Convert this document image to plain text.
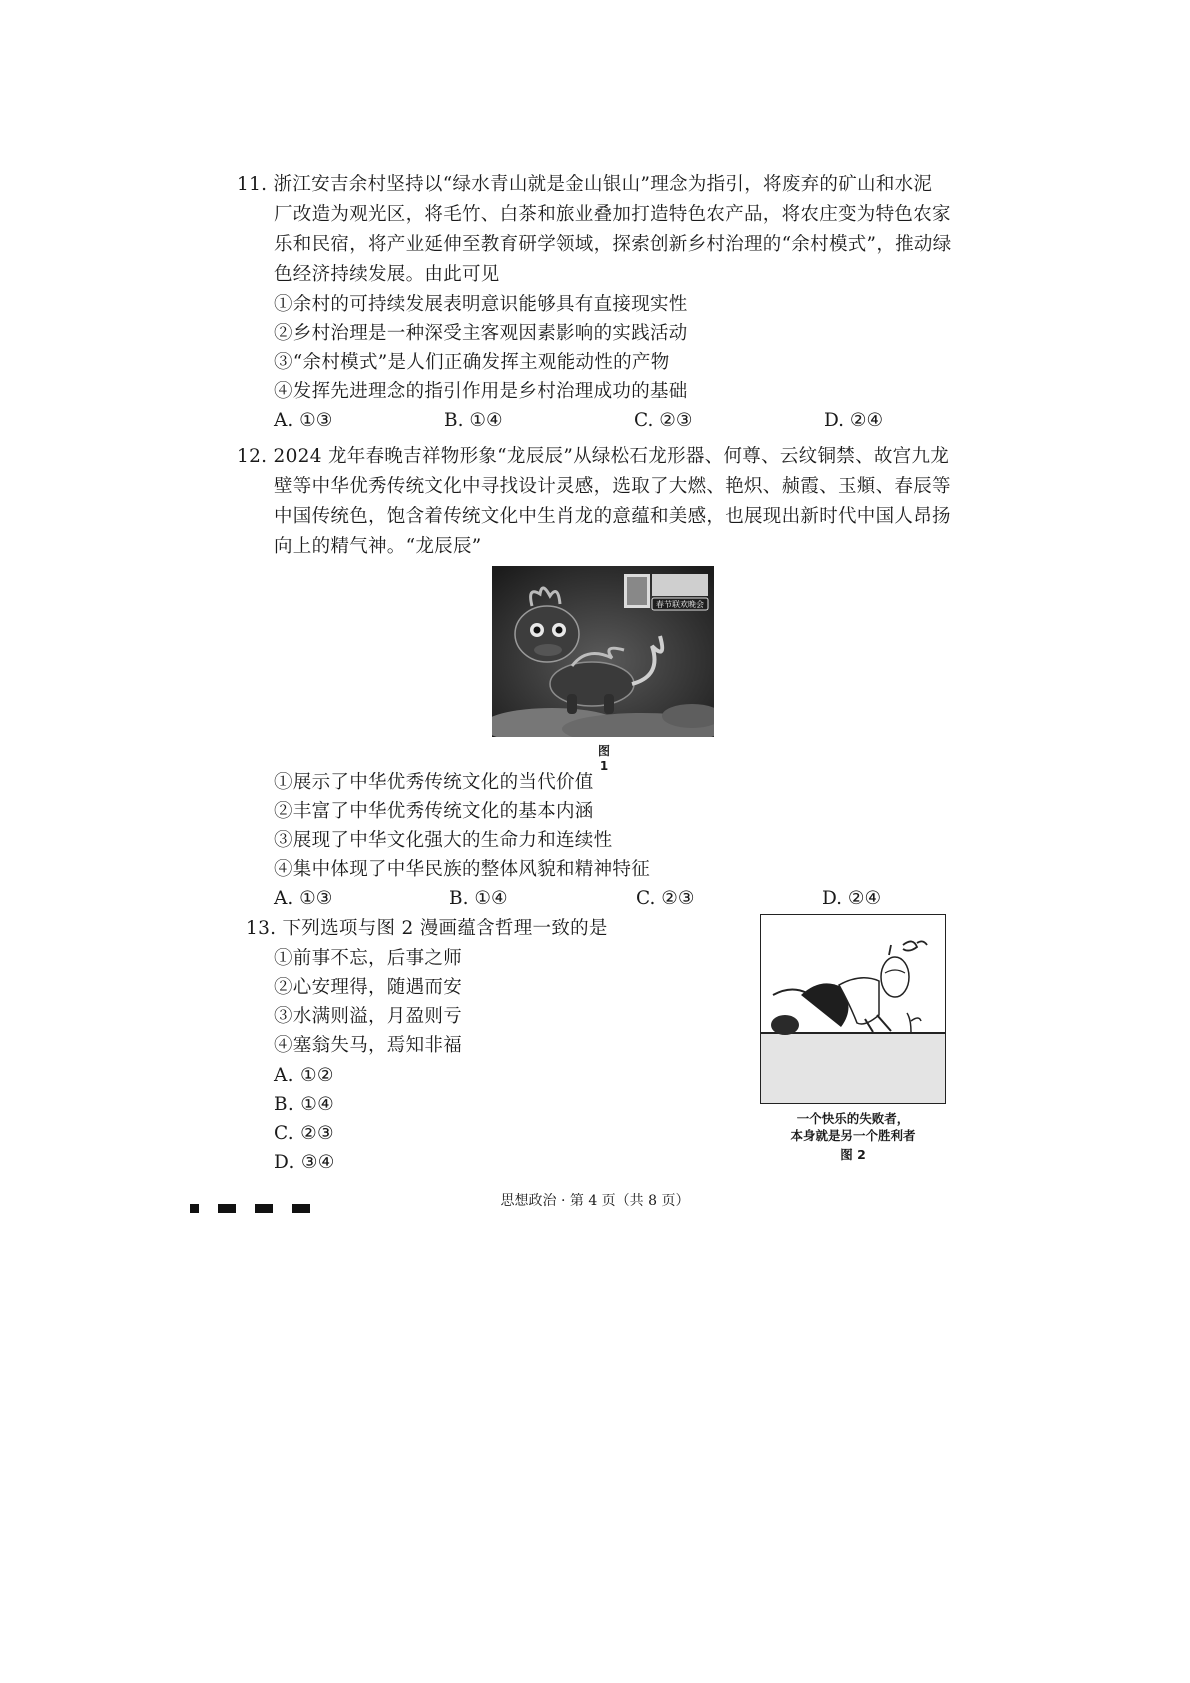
11. 浙江安吉余村坚持以“绿水青山就是金山银山”理念为指引，将废弃的矿山和水泥
厂改造为观光区，将毛竹、白茶和旅业叠加打造特色农产品，将农庄变为特色农家
乐和民宿，将产业延伸至教育研学领域，探索创新乡村治理的“余村模式”，推动绿
色经济持续发展。由此可见
①余村的可持续发展表明意识能够具有直接现实性
②乡村治理是一种深受主客观因素影响的实践活动
③“余村模式”是人们正确发挥主观能动性的产物
④发挥先进理念的指引作用是乡村治理成功的基础
A. ①③	B. ①④	C. ②③	D. ②④
12. 2024 龙年春晚吉祥物形象“龙辰辰”从绿松石龙形器、何尊、云纹铜禁、故宫九龙
壁等中华优秀传统文化中寻找设计灵感，选取了大燃、艳炽、赪霞、玉頫、春辰等
中国传统色，饱含着传统文化中生肖龙的意蕴和美感，也展现出新时代中国人昂扬
向上的精气神。“龙辰辰”
春节联欢晚会
图 1
①展示了中华优秀传统文化的当代价值
②丰富了中华优秀传统文化的基本内涵
③展现了中华文化强大的生命力和连续性
④集中体现了中华民族的整体风貌和精神特征
A. ①③	B. ①④	C. ②③	D. ②④
13. 下列选项与图 2 漫画蕴含哲理一致的是
①前事不忘，后事之师
②心安理得，随遇而安
③水满则溢，月盈则亏
④塞翁失马，焉知非福
A. ①②
B. ①④
C. ②③
D. ③④
一个快乐的失败者，
本身就是另一个胜利者
图 2

思想政治 · 第 4 页（共 8 页）
